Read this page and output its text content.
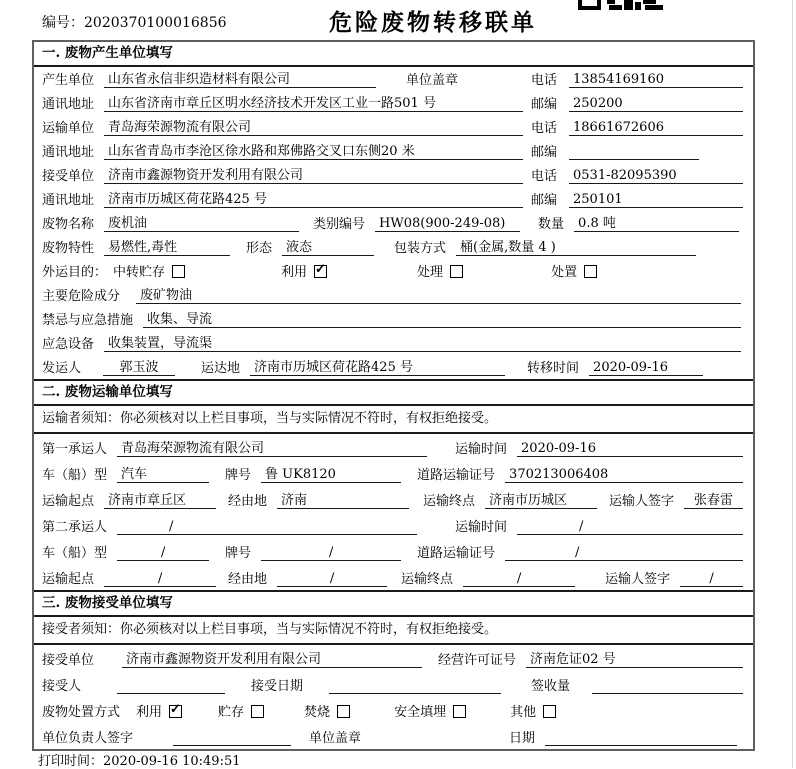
编号：2020370100016856	危险废物转移联单
一. 废物产生单位填写
产生单位	山东省永信非织造材料有限公司	单位盖章	电话	13854169160
通讯地址	山东省济南市章丘区明水经济技术开发区工业一路501 号	邮编	250200
运输单位	青岛海荣源物流有限公司	电话	18661672606
通讯地址	山东省青岛市李沧区徐水路和郑佛路交叉口东侧20 米	邮编
接受单位	济南市鑫源物资开发利用有限公司	电话	0531-82095390
通讯地址	济南市历城区荷花路425 号	邮编	250101
废物名称	废机油	类别编号	HW08(900-249-08)	数量	0.8 吨
废物特性	易燃性,毒性	形态	液态	包装方式	桶(金属,数量 4 )
外运目的： 中转贮存	利用 ✓	处理	处置
主要危险成分	废矿物油
禁忌与应急措施	收集、导流
应急设备	收集装置，导流渠
发运人	郭玉波	运达地	济南市历城区荷花路425 号	转移时间	2020-09-16
二. 废物运输单位填写
运输者须知：你必须核对以上栏目事项，当与实际情况不符时，有权拒绝接受。
第一承运人	青岛海荣源物流有限公司	运输时间	2020-09-16
车（船）型	汽车	牌号	鲁 UK8120	道路运输证号	370213006408
运输起点	济南市章丘区	经由地	济南	运输终点	济南市历城区	运输人签字	张春雷
第二承运人	/	运输时间	/
车（船）型	/	牌号	/	道路运输证号	/
运输起点	/	经由地	/	运输终点	/	运输人签字	/
三. 废物接受单位填写
接受者须知：你必须核对以上栏目事项，当与实际情况不符时，有权拒绝接受。
接受单位	济南市鑫源物资开发利用有限公司	经营许可证号	济南危证02 号
接受人	接受日期	签收量
废物处置方式 利用 ✓	贮存	焚烧	安全填埋	其他
单位负责人签字	单位盖章	日期
打印时间：2020-09-16 10:49:51
